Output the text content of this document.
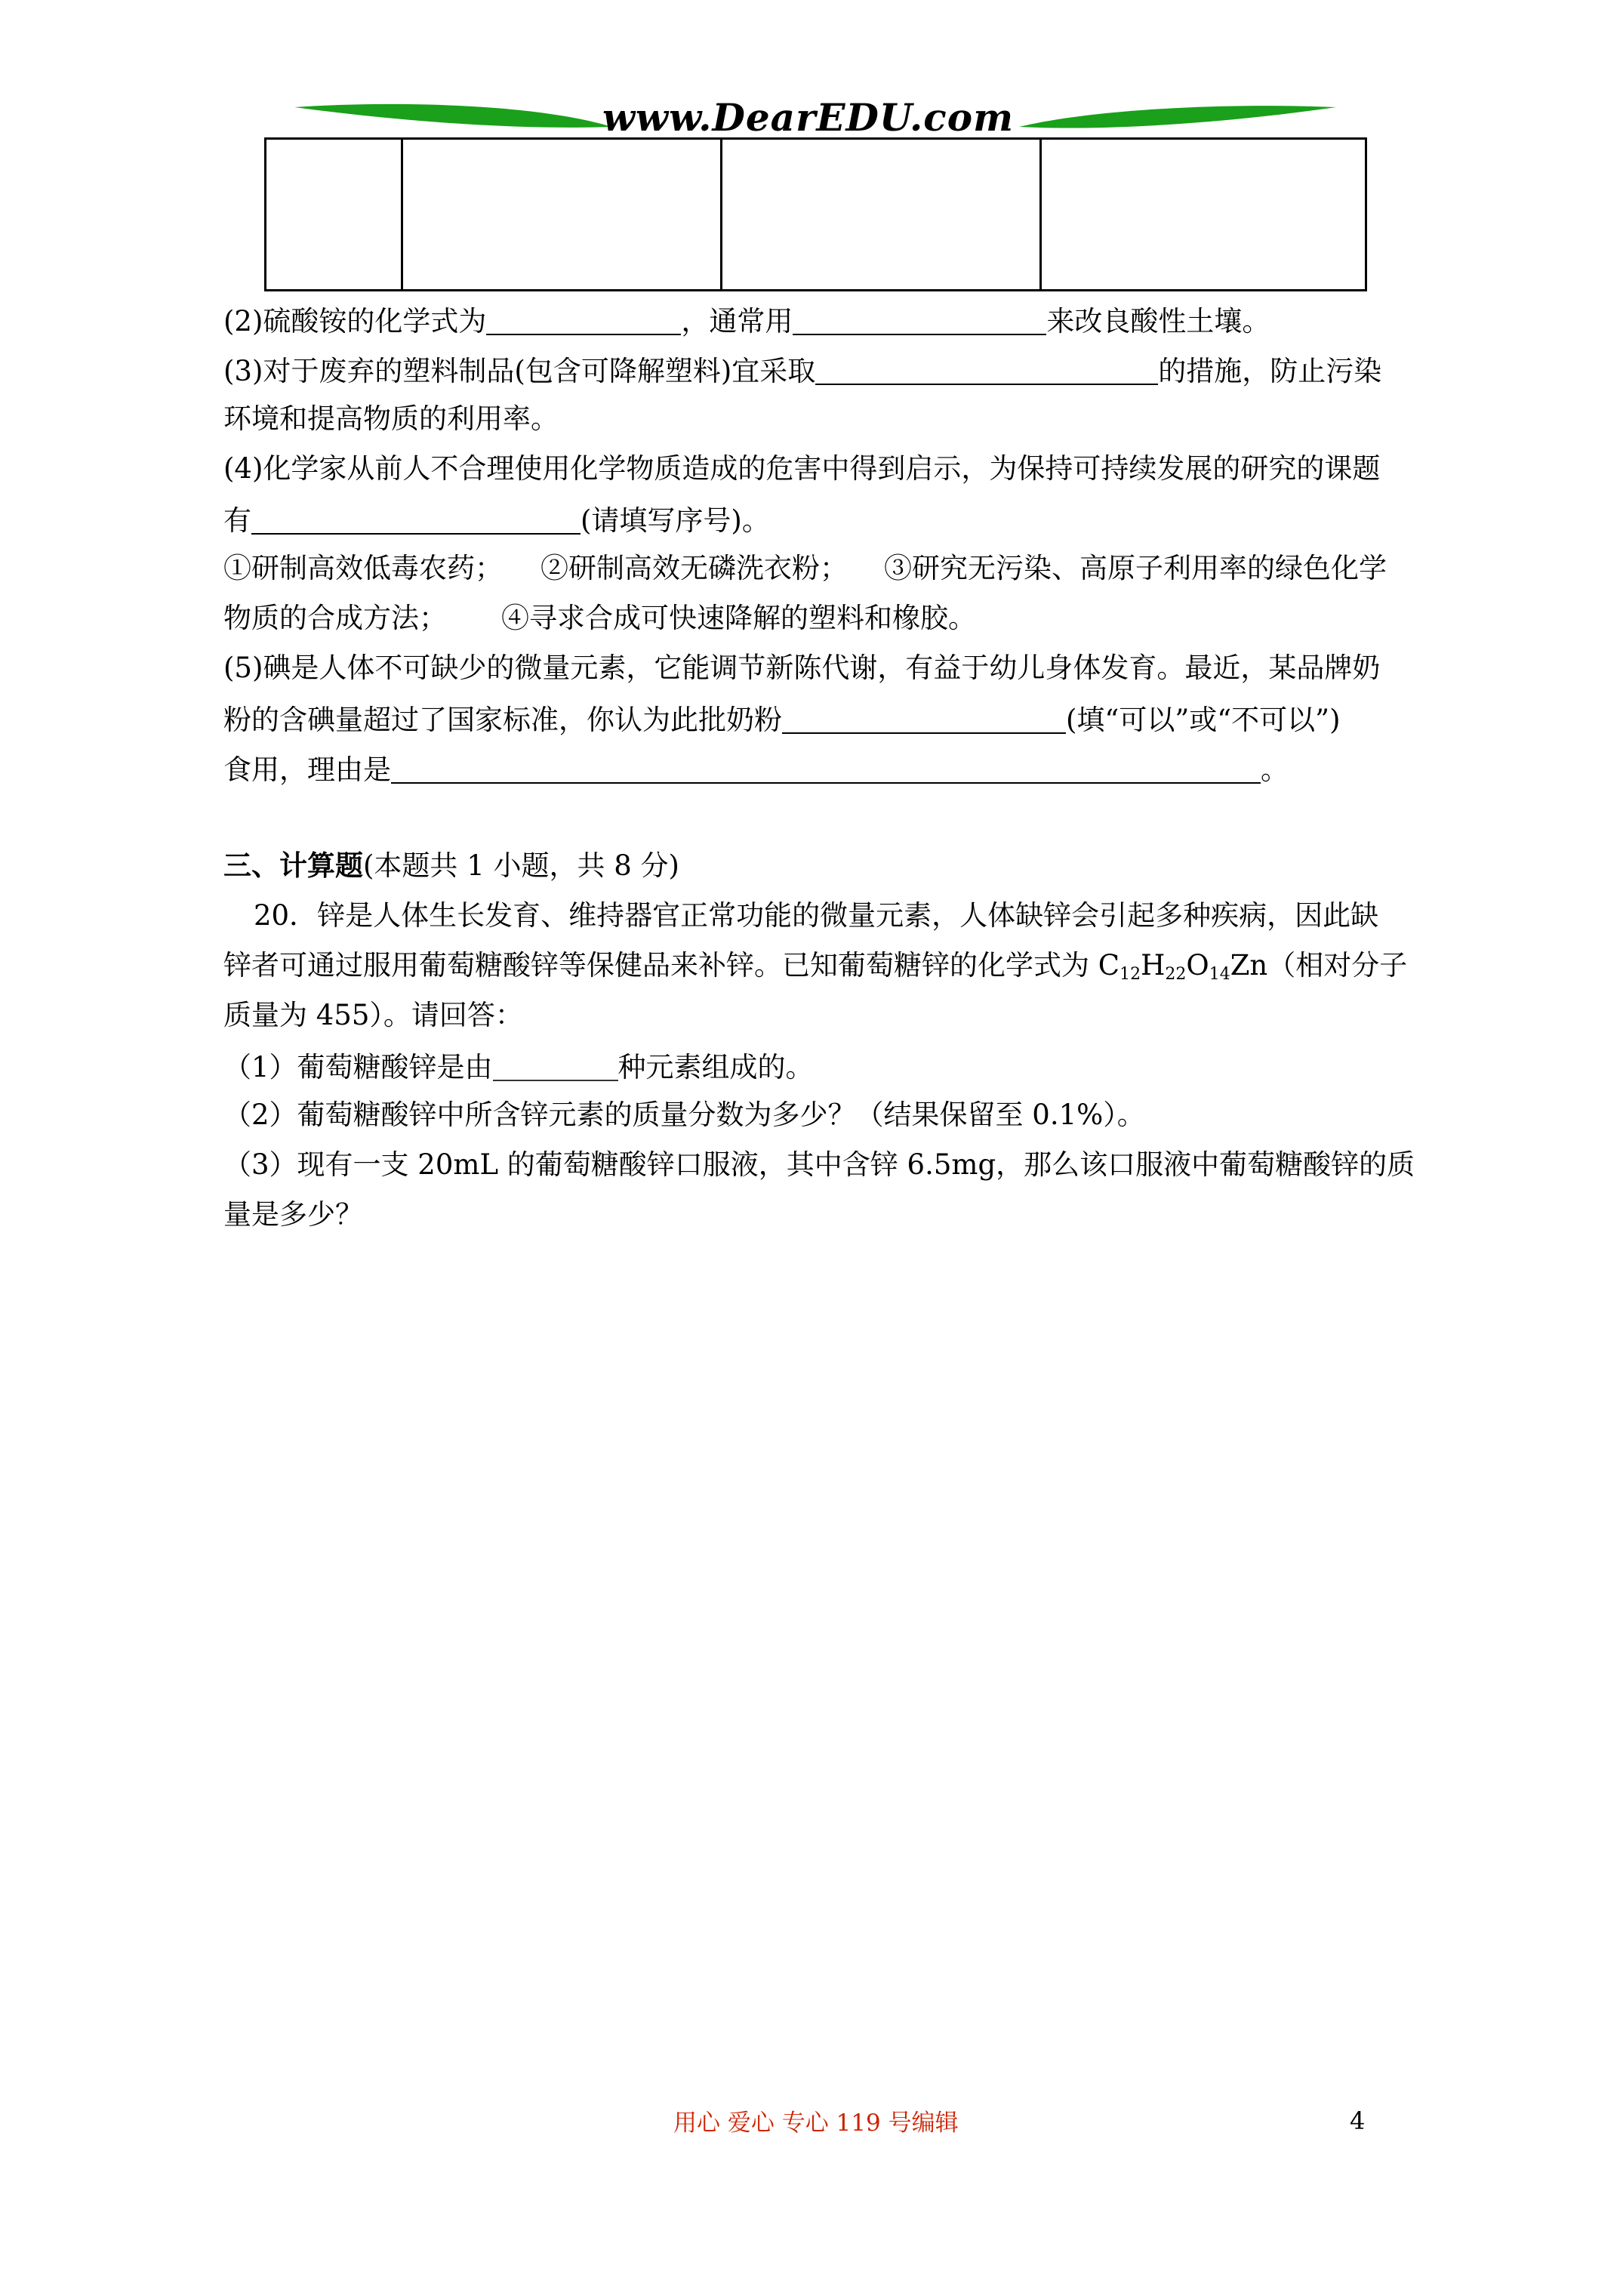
www.DearEDU.com

(2)硫酸铵的化学式为	，通常用	来改良酸性土壤。
(3)对于废弃的塑料制品(包含可降解塑料)宜采取	的措施，防止污染
环境和提高物质的利用率。
(4)化学家从前人不合理使用化学物质造成的危害中得到启示，为保持可持续发展的研究的课题
有	(请填写序号)。
①研制高效低毒农药； ②研制高效无磷洗衣粉； ③研究无污染、高原子利用率的绿色化学
物质的合成方法； ④寻求合成可快速降解的塑料和橡胶。
(5)碘是人体不可缺少的微量元素，它能调节新陈代谢，有益于幼儿身体发育。最近，某品牌奶
粉的含碘量超过了国家标准，你认为此批奶粉	(填“可以”或“不可以”)
食用，理由是	。
三、计算题(本题共 1 小题，共 8 分)
20．锌是人体生长发育、维持器官正常功能的微量元素，人体缺锌会引起多种疾病，因此缺
锌者可通过服用葡萄糖酸锌等保健品来补锌。已知葡萄糖锌的化学式为 $C_{12}H_{22}O_{14}Zn$（相对分子
质量为 455）。请回答：
（1）葡萄糖酸锌是由	种元素组成的。
（2）葡萄糖酸锌中所含锌元素的质量分数为多少？（结果保留至 0.1%）。
（3）现有一支 20mL 的葡萄糖酸锌口服液，其中含锌 6.5mg，那么该口服液中葡萄糖酸锌的质
量是多少？
用心 爱心 专心 119 号编辑	4
